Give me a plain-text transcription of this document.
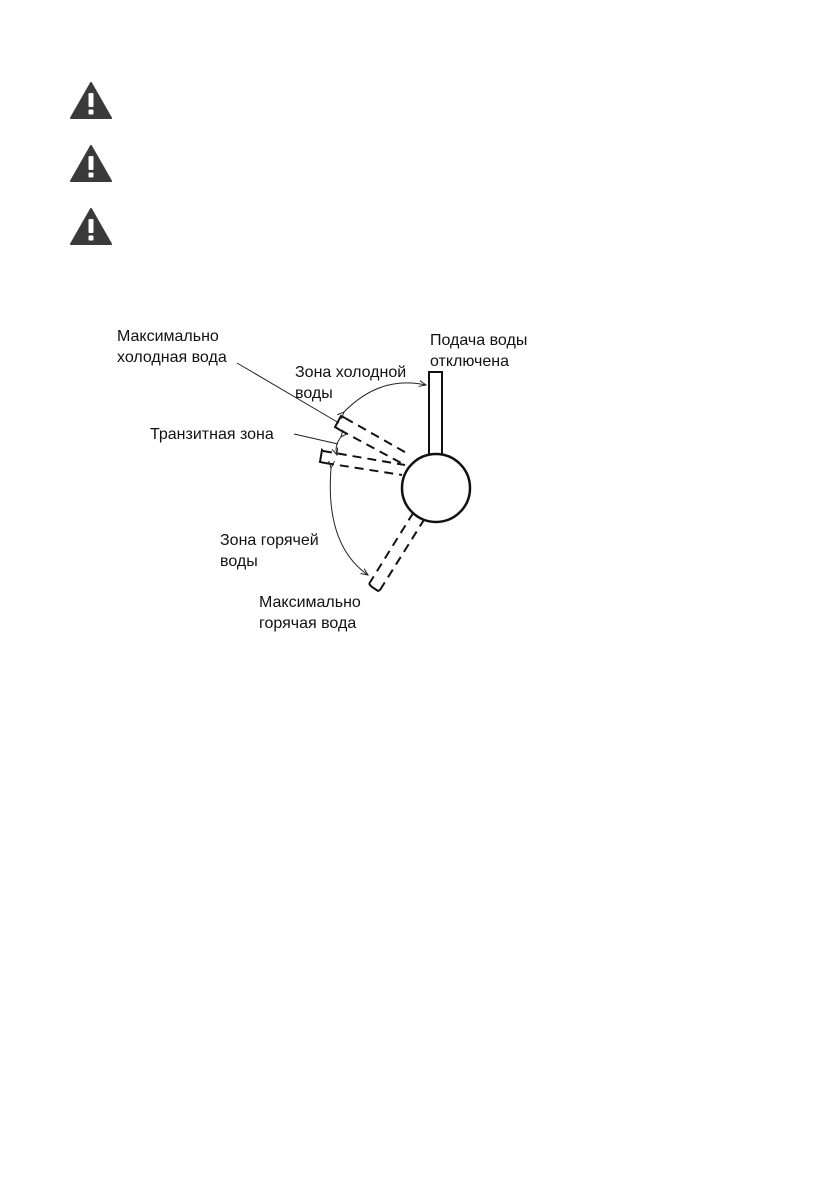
Максимально
холодная вода
Подача воды
отключена
Зона холодной
воды
Транзитная зона
Зона горячей
воды
Максимально
горячая вода
